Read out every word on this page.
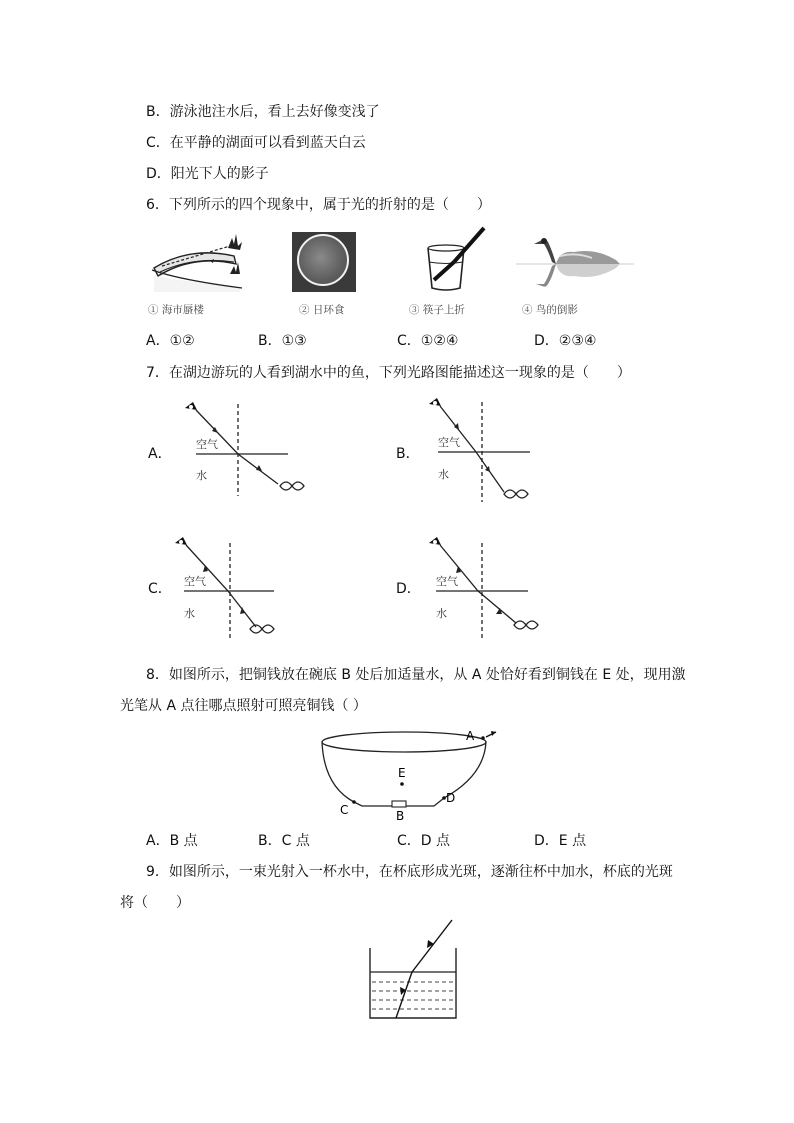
B．游泳池注水后，看上去好像变浅了
C．在平静的湖面可以看到蓝天白云
D．阳光下人的影子
6．下列所示的四个现象中，属于光的折射的是（　　）
① 海市蜃楼	② 日环食	③ 筷子上折	④ 鸟的倒影
A．①②	B．①③	C．①②④	D．②③④
7．在湖边游玩的人看到湖水中的鱼，下列光路图能描述这一现象的是（　　）
A．	B．
C．	D．
空气
水
空气
水
空气
水
空气
水
8．如图所示，把铜钱放在碗底 B 处后加适量水，从 A 处恰好看到铜钱在 E 处，现用激
光笔从 A 点往哪点照射可照亮铜钱（ ）
A
E
C	B
D
A．B 点	B．C 点	C．D 点	D．E 点
9．如图所示，一束光射入一杯水中，在杯底形成光斑，逐渐往杯中加水，杯底的光斑
将（　　）
